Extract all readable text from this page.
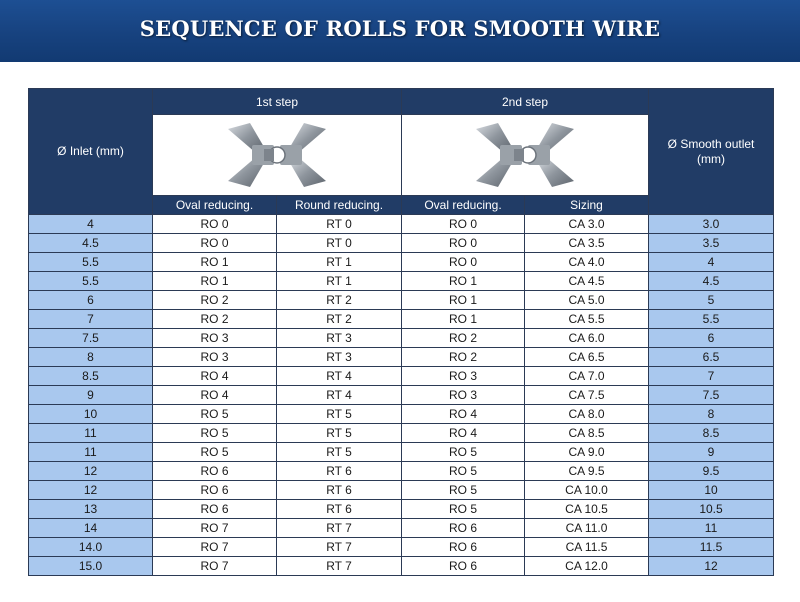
SEQUENCE OF ROLLS FOR SMOOTH WIRE
Ø Inlet (mm)	1st step		2nd step		Ø Smooth outlet (mm)

	Oval reducing.	Round reducing.	Oval reducing.	Sizing	
4	RO 0	RT 0	RO 0	CA 3.0	3.0
4.5	RO 0	RT 0	RO 0	CA 3.5	3.5
5.5	RO 1	RT 1	RO 0	CA 4.0	4
5.5	RO 1	RT 1	RO 1	CA 4.5	4.5
6	RO 2	RT 2	RO 1	CA 5.0	5
7	RO 2	RT 2	RO 1	CA 5.5	5.5
7.5	RO 3	RT 3	RO 2	CA 6.0	6
8	RO 3	RT 3	RO 2	CA 6.5	6.5
8.5	RO 4	RT 4	RO 3	CA 7.0	7
9	RO 4	RT 4	RO 3	CA 7.5	7.5
10	RO 5	RT 5	RO 4	CA 8.0	8
11	RO 5	RT 5	RO 4	CA 8.5	8.5
11	RO 5	RT 5	RO 5	CA 9.0	9
12	RO 6	RT 6	RO 5	CA 9.5	9.5
12	RO 6	RT 6	RO 5	CA 10.0	10
13	RO 6	RT 6	RO 5	CA 10.5	10.5
14	RO 7	RT 7	RO 6	CA 11.0	11
14.0	RO 7	RT 7	RO 6	CA 11.5	11.5
15.0	RO 7	RT 7	RO 6	CA 12.0	12
